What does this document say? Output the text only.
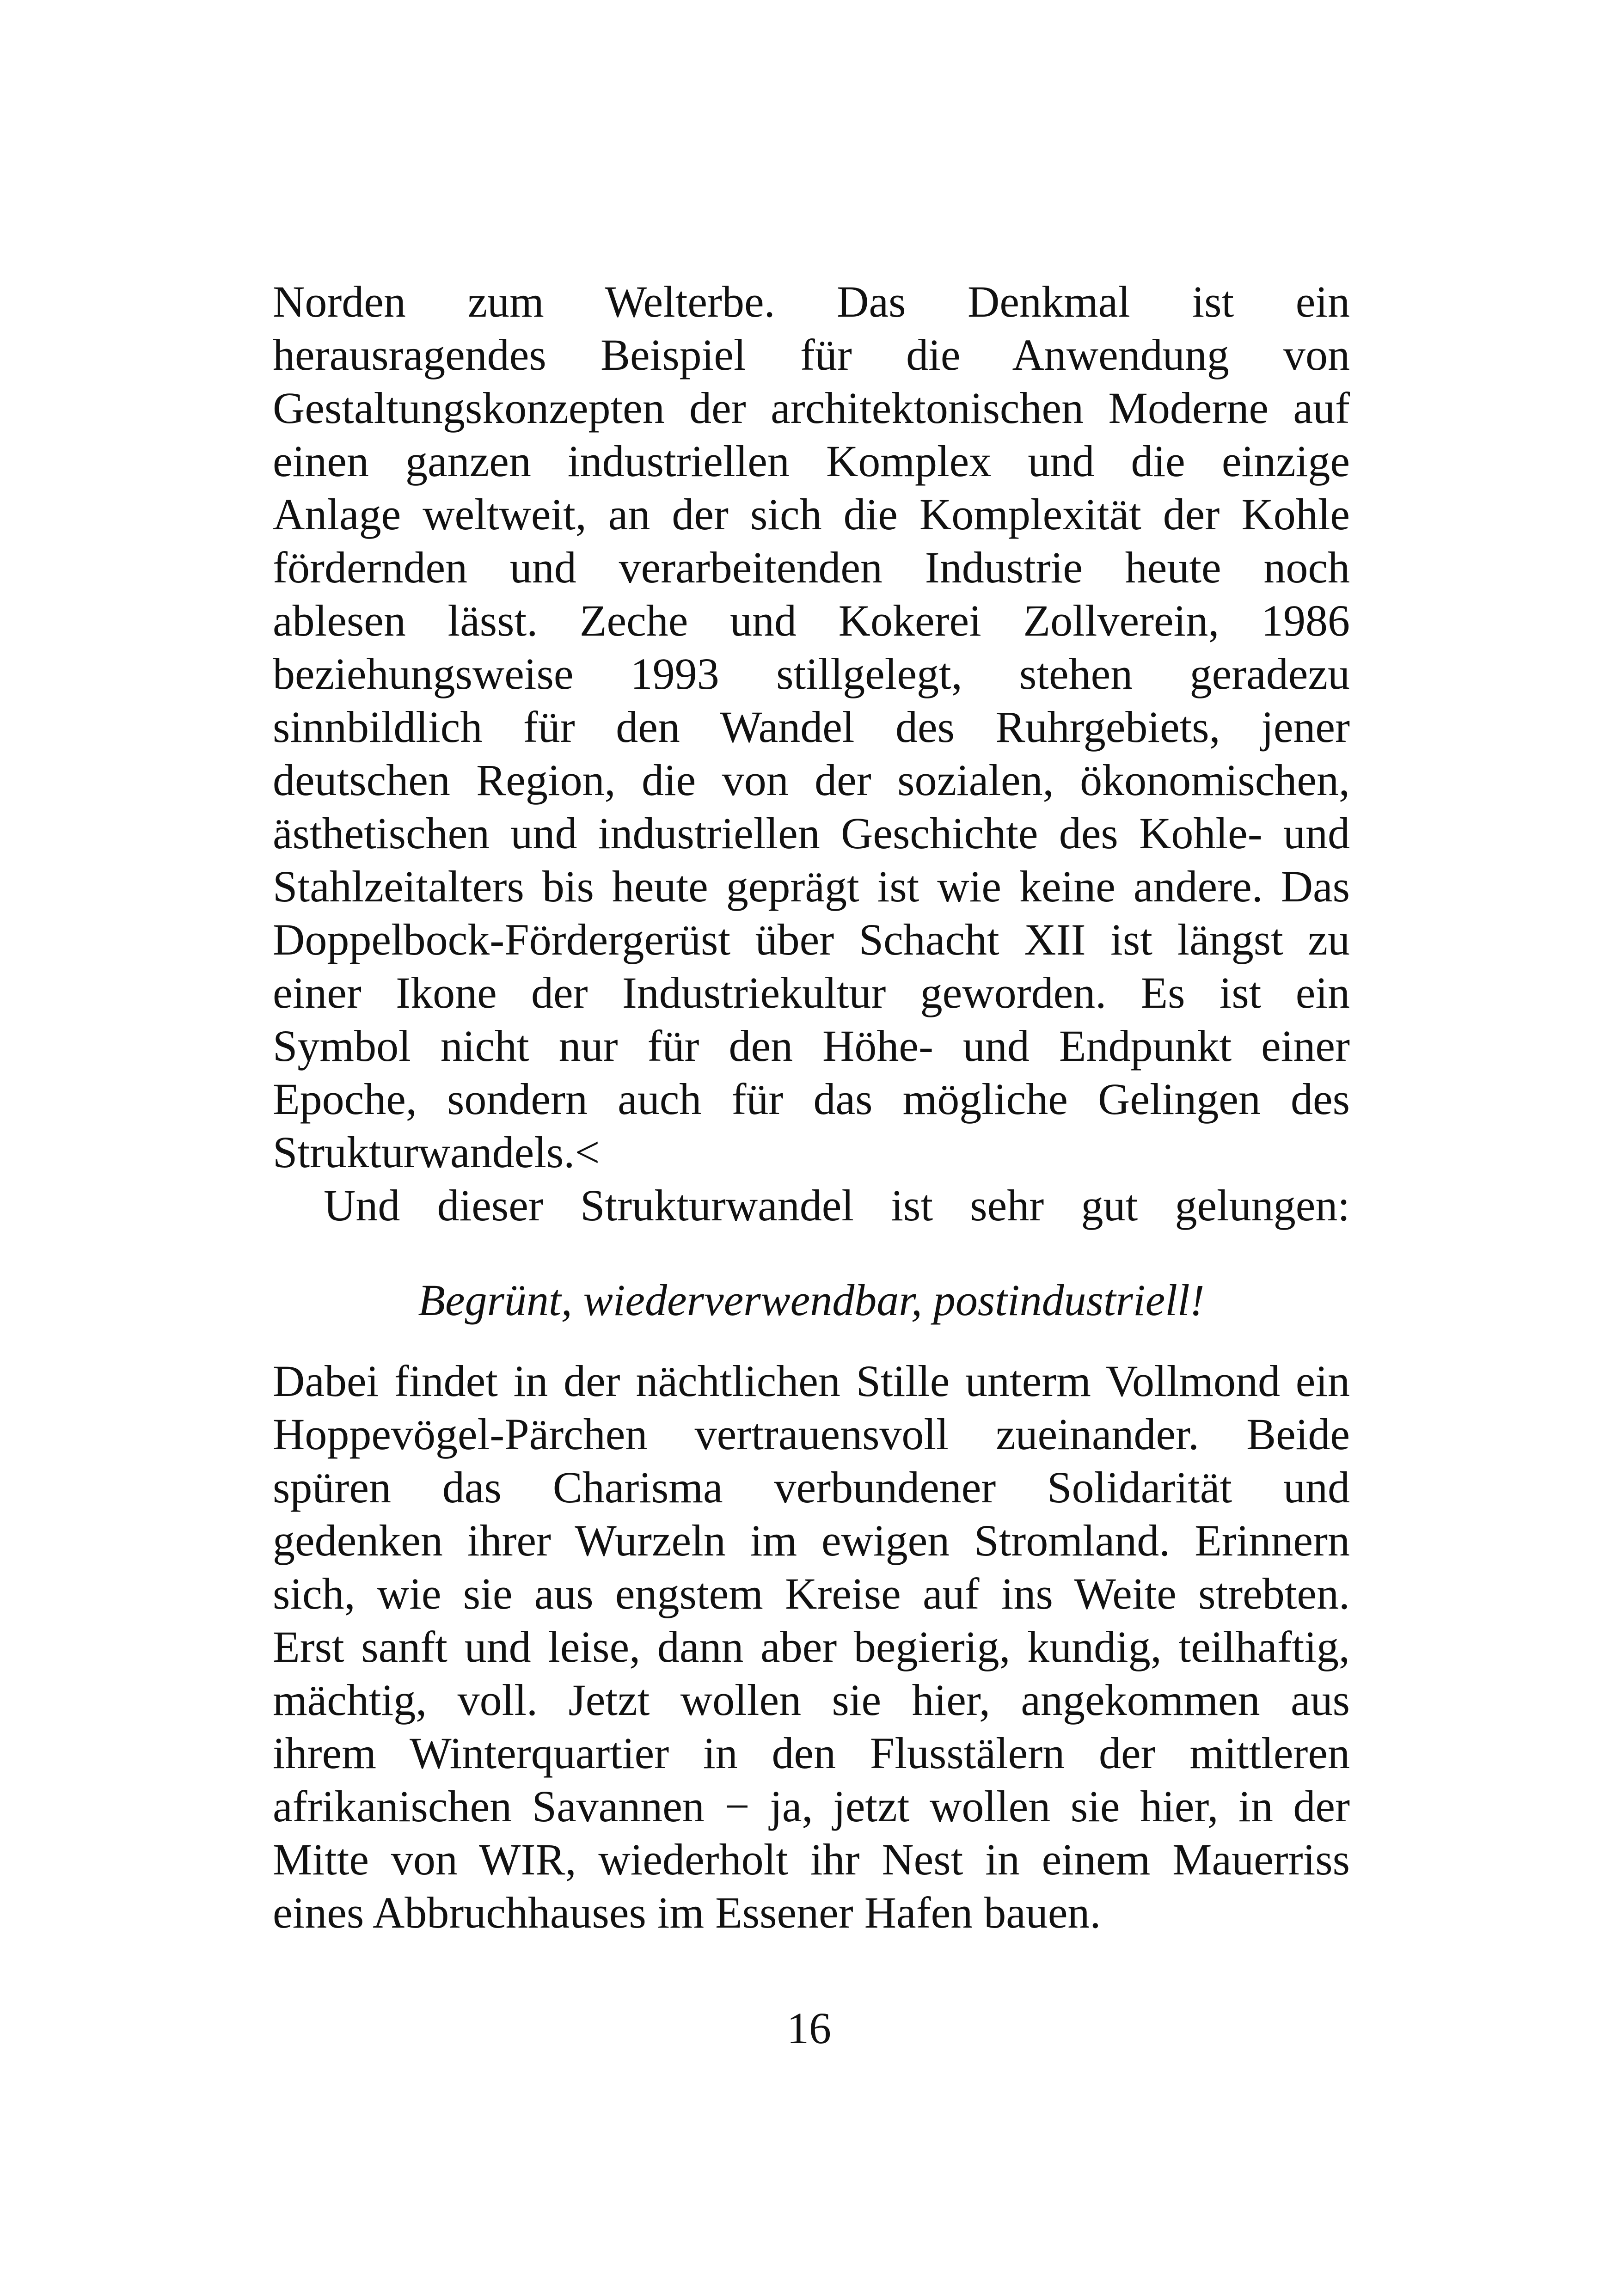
Norden zum Welterbe. Das Denkmal ist ein
herausragendes Beispiel für die Anwendung von
Gestaltungskonzepten der architektonischen Moderne auf
einen ganzen industriellen Komplex und die einzige
Anlage weltweit, an der sich die Komplexität der Kohle
fördernden und verarbeitenden Industrie heute noch
ablesen lässt. Zeche und Kokerei Zollverein, 1986
beziehungsweise 1993 stillgelegt, stehen geradezu
sinnbildlich für den Wandel des Ruhrgebiets, jener
deutschen Region, die von der sozialen, ökonomischen,
ästhetischen und industriellen Geschichte des Kohle- und
Stahlzeitalters bis heute geprägt ist wie keine andere. Das
Doppelbock-Fördergerüst über Schacht XII ist längst zu
einer Ikone der Industriekultur geworden. Es ist ein
Symbol nicht nur für den Höhe- und Endpunkt einer
Epoche, sondern auch für das mögliche Gelingen des
Strukturwandels.<
Und dieser Strukturwandel ist sehr gut gelungen:
Begrünt, wiederverwendbar, postindustriell!
Dabei findet in der nächtlichen Stille unterm Vollmond ein
Hoppevögel-Pärchen vertrauensvoll zueinander. Beide
spüren das Charisma verbundener Solidarität und
gedenken ihrer Wurzeln im ewigen Stromland. Erinnern
sich, wie sie aus engstem Kreise auf ins Weite strebten.
Erst sanft und leise, dann aber begierig, kundig, teilhaftig,
mächtig, voll. Jetzt wollen sie hier, angekommen aus
ihrem Winterquartier in den Flusstälern der mittleren
afrikanischen Savannen − ja, jetzt wollen sie hier, in der
Mitte von WIR, wiederholt ihr Nest in einem Mauerriss
eines Abbruchhauses im Essener Hafen bauen.
16
